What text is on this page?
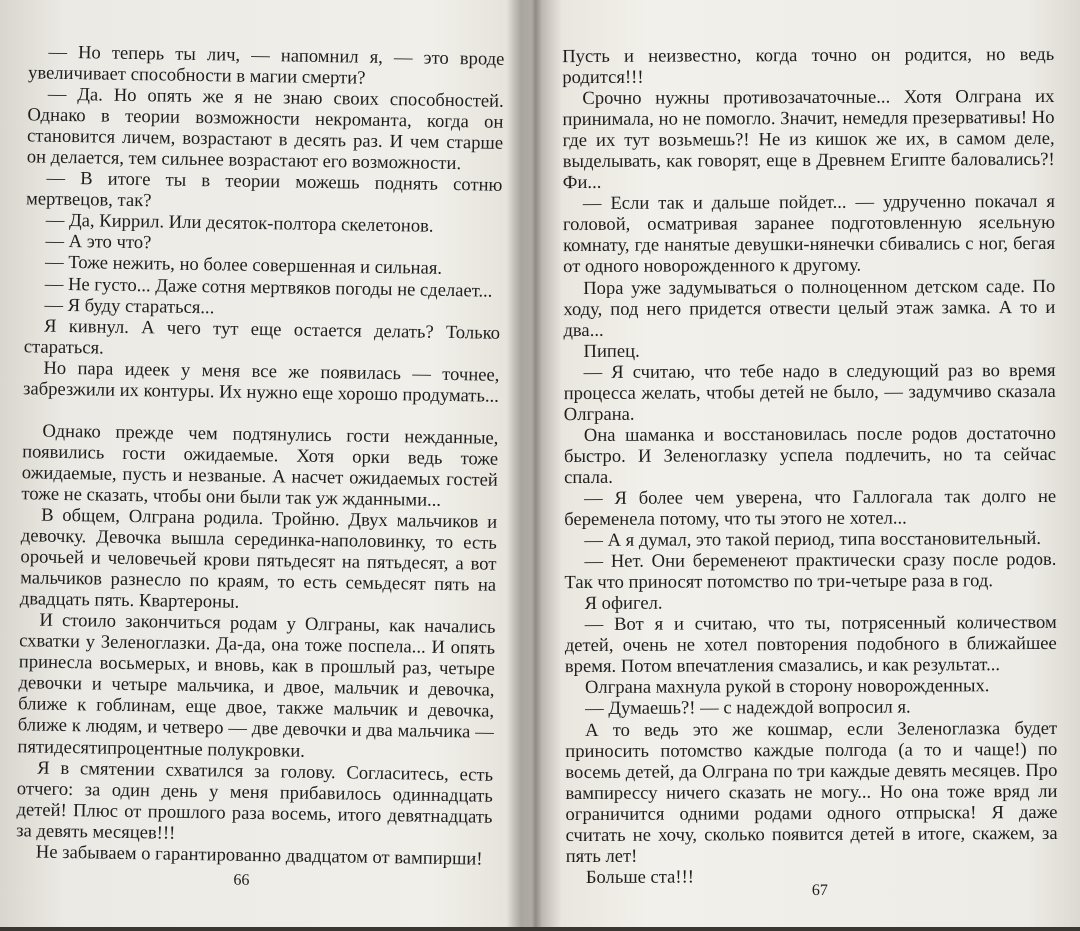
— Но теперь ты лич, — напомнил я, — это вроде увеличивает способности в магии смерти?

— Да. Но опять же я не знаю своих способностей. Однако в теории возможности некроманта, когда он становится личем, возрастают в десять раз. И чем старше он делается, тем сильнее возрастают его возможности.

— В итоге ты в теории можешь поднять сотню мертвецов, так?

— Да, Киррил. Или десяток-полтора скелетонов.

— А это что?

— Тоже нежить, но более совершенная и сильная.

— Не густо... Даже сотня мертвяков погоды не сделает...

— Я буду стараться...

Я кивнул. А чего тут еще остается делать? Только стараться.

Но пара идеек у меня все же появилась — точнее, забрезжили их контуры. Их нужно еще хорошо продумать...

Однако прежде чем подтянулись гости нежданные, появились гости ожидаемые. Хотя орки ведь тоже ожидаемые, пусть и незваные. А насчет ожидаемых гостей тоже не сказать, чтобы они были так уж жданными...

В общем, Олграна родила. Тройню. Двух мальчиков и девочку. Девочка вышла серединка-наполовинку, то есть орочьей и человечьей крови пятьдесят на пятьдесят, а вот мальчиков разнесло по краям, то есть семьдесят пять на двадцать пять. Квартероны.

И стоило закончиться родам у Олграны, как начались схватки у Зеленоглазки. Да-да, она тоже поспела... И опять принесла восьмерых, и вновь, как в прошлый раз, четыре девочки и четыре мальчика, и двое, мальчик и девочка, ближе к гоблинам, еще двое, также мальчик и девочка, ближе к людям, и четверо — две девочки и два мальчика — пятидесятипроцентные полукровки.

Я в смятении схватился за голову. Согласитесь, есть отчего: за один день у меня прибавилось одиннадцать детей! Плюс от прошлого раза восемь, итого девятнадцать за девять месяцев!!!

Не забываем о гарантированно двадцатом от вампирши!

66

Пусть и неизвестно, когда точно он родится, но ведь родится!!!

Срочно нужны противозачаточные... Хотя Олграна их принимала, но не помогло. Значит, немедля презервативы! Но где их тут возьмешь?! Не из кишок же их, в самом деле, выделывать, как говорят, еще в Древнем Египте баловались?! Фи...

— Если так и дальше пойдет... — удрученно покачал я головой, осматривая заранее подготовленную ясельную комнату, где нанятые девушки-нянечки сбивались с ног, бегая от одного новорожденного к другому.

Пора уже задумываться о полноценном детском саде. По ходу, под него придется отвести целый этаж замка. А то и два...

Пипец.

— Я считаю, что тебе надо в следующий раз во время процесса желать, чтобы детей не было, — задумчиво сказала Олграна.

Она шаманка и восстановилась после родов достаточно быстро. И Зеленоглазку успела подлечить, но та сейчас спала.

— Я более чем уверена, что Галлогала так долго не беременела потому, что ты этого не хотел...

— А я думал, это такой период, типа восстановительный.

— Нет. Они беременеют практически сразу после родов. Так что приносят потомство по три-четыре раза в год.

Я офигел.

— Вот я и считаю, что ты, потрясенный количеством детей, очень не хотел повторения подобного в ближайшее время. Потом впечатления смазались, и как результат...

Олграна махнула рукой в сторону новорожденных.

— Думаешь?! — с надеждой вопросил я.

А то ведь это же кошмар, если Зеленоглазка будет приносить потомство каждые полгода (а то и чаще!) по восемь детей, да Олграна по три каждые девять месяцев. Про вампирессу ничего сказать не могу... Но она тоже вряд ли ограничится одними родами одного отпрыска! Я даже считать не хочу, сколько появится детей в итоге, скажем, за пять лет!

Больше ста!!!

67
